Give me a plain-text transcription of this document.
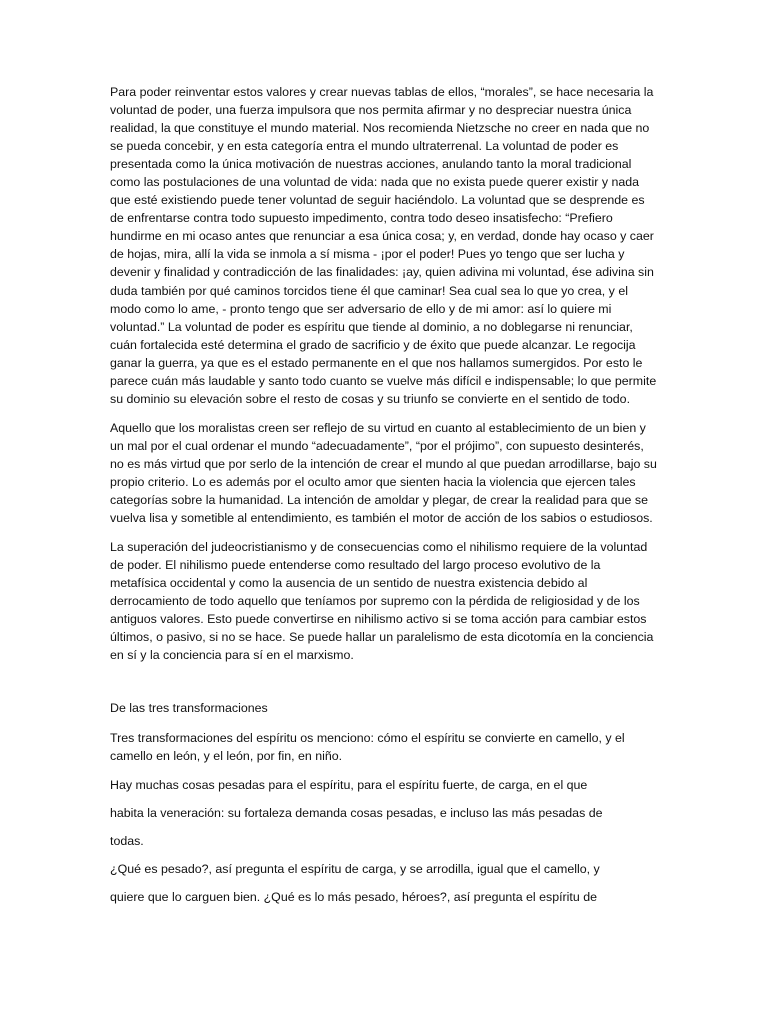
Para poder reinventar estos valores y crear nuevas tablas de ellos, “morales”, se hace necesaria la voluntad de poder, una fuerza impulsora que nos permita afirmar y no despreciar nuestra única realidad, la que constituye el mundo material. Nos recomienda Nietzsche no creer en nada que no se pueda concebir, y en esta categoría entra el mundo ultraterrenal. La voluntad de poder es presentada como la única motivación de nuestras acciones, anulando tanto la moral tradicional como las postulaciones de una voluntad de vida: nada que no exista puede querer existir y nada que esté existiendo puede tener voluntad de seguir haciéndolo. La voluntad que se desprende es de enfrentarse contra todo supuesto impedimento, contra todo deseo insatisfecho: “Prefiero hundirme en mi ocaso antes que renunciar a esa única cosa; y, en verdad, donde hay ocaso y caer de hojas, mira, allí la vida se inmola a sí misma - ¡por el poder! Pues yo tengo que ser lucha y devenir y finalidad y contradicción de las finalidades: ¡ay, quien adivina mi voluntad, ése adivina sin duda también por qué caminos torcidos tiene él que caminar! Sea cual sea lo que yo crea, y el modo como lo ame, - pronto tengo que ser adversario de ello y de mi amor: así lo quiere mi voluntad.” La voluntad de poder es espíritu que tiende al dominio, a no doblegarse ni renunciar, cuán fortalecida esté determina el grado de sacrificio y de éxito que puede alcanzar. Le regocija ganar la guerra, ya que es el estado permanente en el que nos hallamos sumergidos. Por esto le parece cuán más laudable y santo todo cuanto se vuelve más difícil e indispensable; lo que permite su dominio su elevación sobre el resto de cosas y su triunfo se convierte en el sentido de todo.

Aquello que los moralistas creen ser reflejo de su virtud en cuanto al establecimiento de un bien y un mal por el cual ordenar el mundo “adecuadamente”, “por el prójimo”, con supuesto desinterés, no es más virtud que por serlo de la intención de crear el mundo al que puedan arrodillarse, bajo su propio criterio. Lo es además por el oculto amor que sienten hacia la violencia que ejercen tales categorías sobre la humanidad. La intención de amoldar y plegar, de crear la realidad para que se vuelva lisa y sometible al entendimiento, es también el motor de acción de los sabios o estudiosos.

La superación del judeocristianismo y de consecuencias como el nihilismo requiere de la voluntad de poder. El nihilismo puede entenderse como resultado del largo proceso evolutivo de la metafísica occidental y como la ausencia de un sentido de nuestra existencia debido al derrocamiento de todo aquello que teníamos por supremo con la pérdida de religiosidad y de los antiguos valores. Esto puede convertirse en nihilismo activo si se toma acción para cambiar estos últimos, o pasivo, si no se hace. Se puede hallar un paralelismo de esta dicotomía en la conciencia en sí y la conciencia para sí en el marxismo.

De las tres transformaciones

Tres transformaciones del espíritu os menciono: cómo el espíritu se convierte en camello, y el camello en león, y el león, por fin, en niño.

Hay muchas cosas pesadas para el espíritu, para el espíritu fuerte, de carga, en el que

habita la veneración: su fortaleza demanda cosas pesadas, e incluso las más pesadas de

todas.

¿Qué es pesado?, así pregunta el espíritu de carga, y se arrodilla, igual que el camello, y

quiere que lo carguen bien. ¿Qué es lo más pesado, héroes?, así pregunta el espíritu de
